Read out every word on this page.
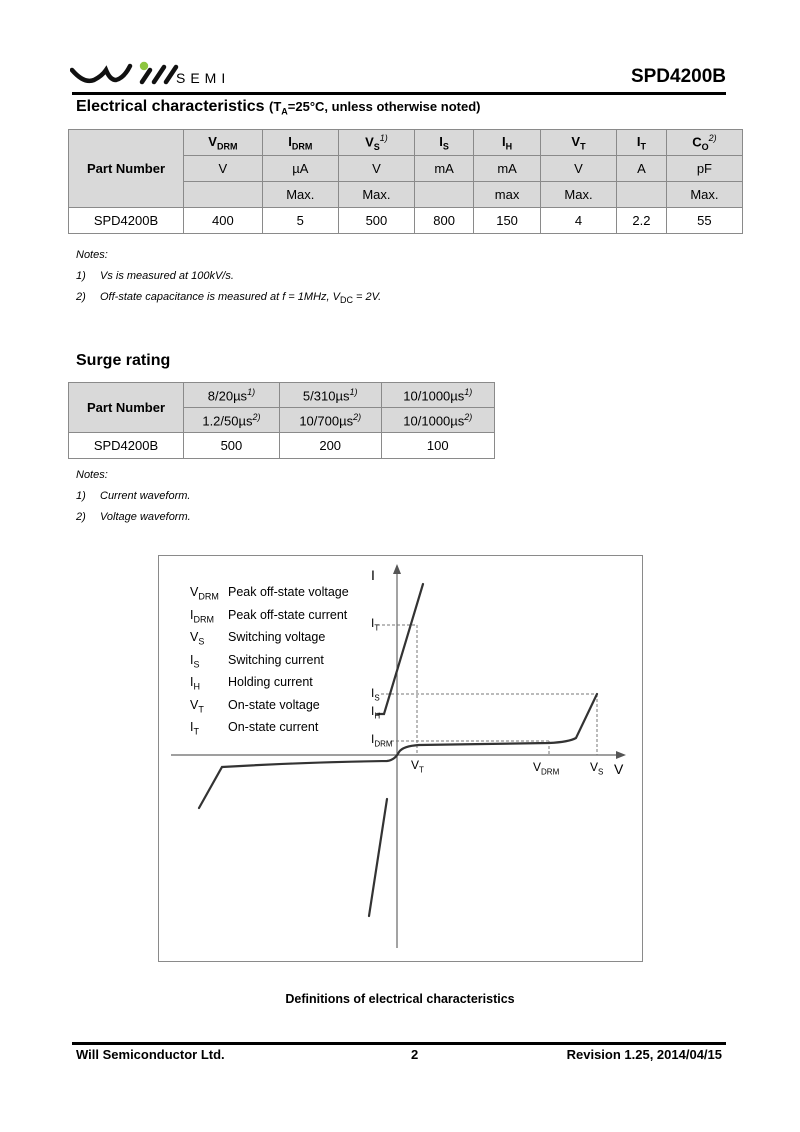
SEMI	SPD4200B
Electrical characteristics ($T_A=25^\circ C$, unless otherwise noted)
Part Number	$V_{DRM}$	$I_{DRM}$	$V_S^{1)}$	$I_S$	$I_H$	$V_T$	$I_T$	$C_O^{2)}$
	V	µA	V	mA	mA	V	A	pF
		Max.	Max.		max	Max.		Max.
SPD4200B	400	5	500	800	150	4	2.2	55
Notes:
1) Vs is measured at 100kV/s.
2) Off-state capacitance is measured at f = 1MHz, $V_{DC} = 2V$.
Surge rating
Part Number	8/20µs$^{1)}$	5/310µs$^{1)}$	10/1000µs$^{1)}$
	1.2/50µs$^{2)}$	10/700µs$^{2)}$	10/1000µs$^{2)}$
SPD4200B	500	200	100
Notes:
1) Current waveform.
2) Voltage waveform.
$V_{DRM}$ Peak off-state voltage
$I_{DRM}$ Peak off-state current
$V_S$ Switching voltage
$I_S$ Switching current
$I_H$ Holding current
$V_T$ On-state voltage
$I_T$ On-state current
I
V
$I_T$
$I_S$
$I_H$
$I_{DRM}$
$V_T$	$V_{DRM}$	$V_S$
Definitions of electrical characteristics
Will Semiconductor Ltd.	2	Revision 1.25, 2014/04/15
